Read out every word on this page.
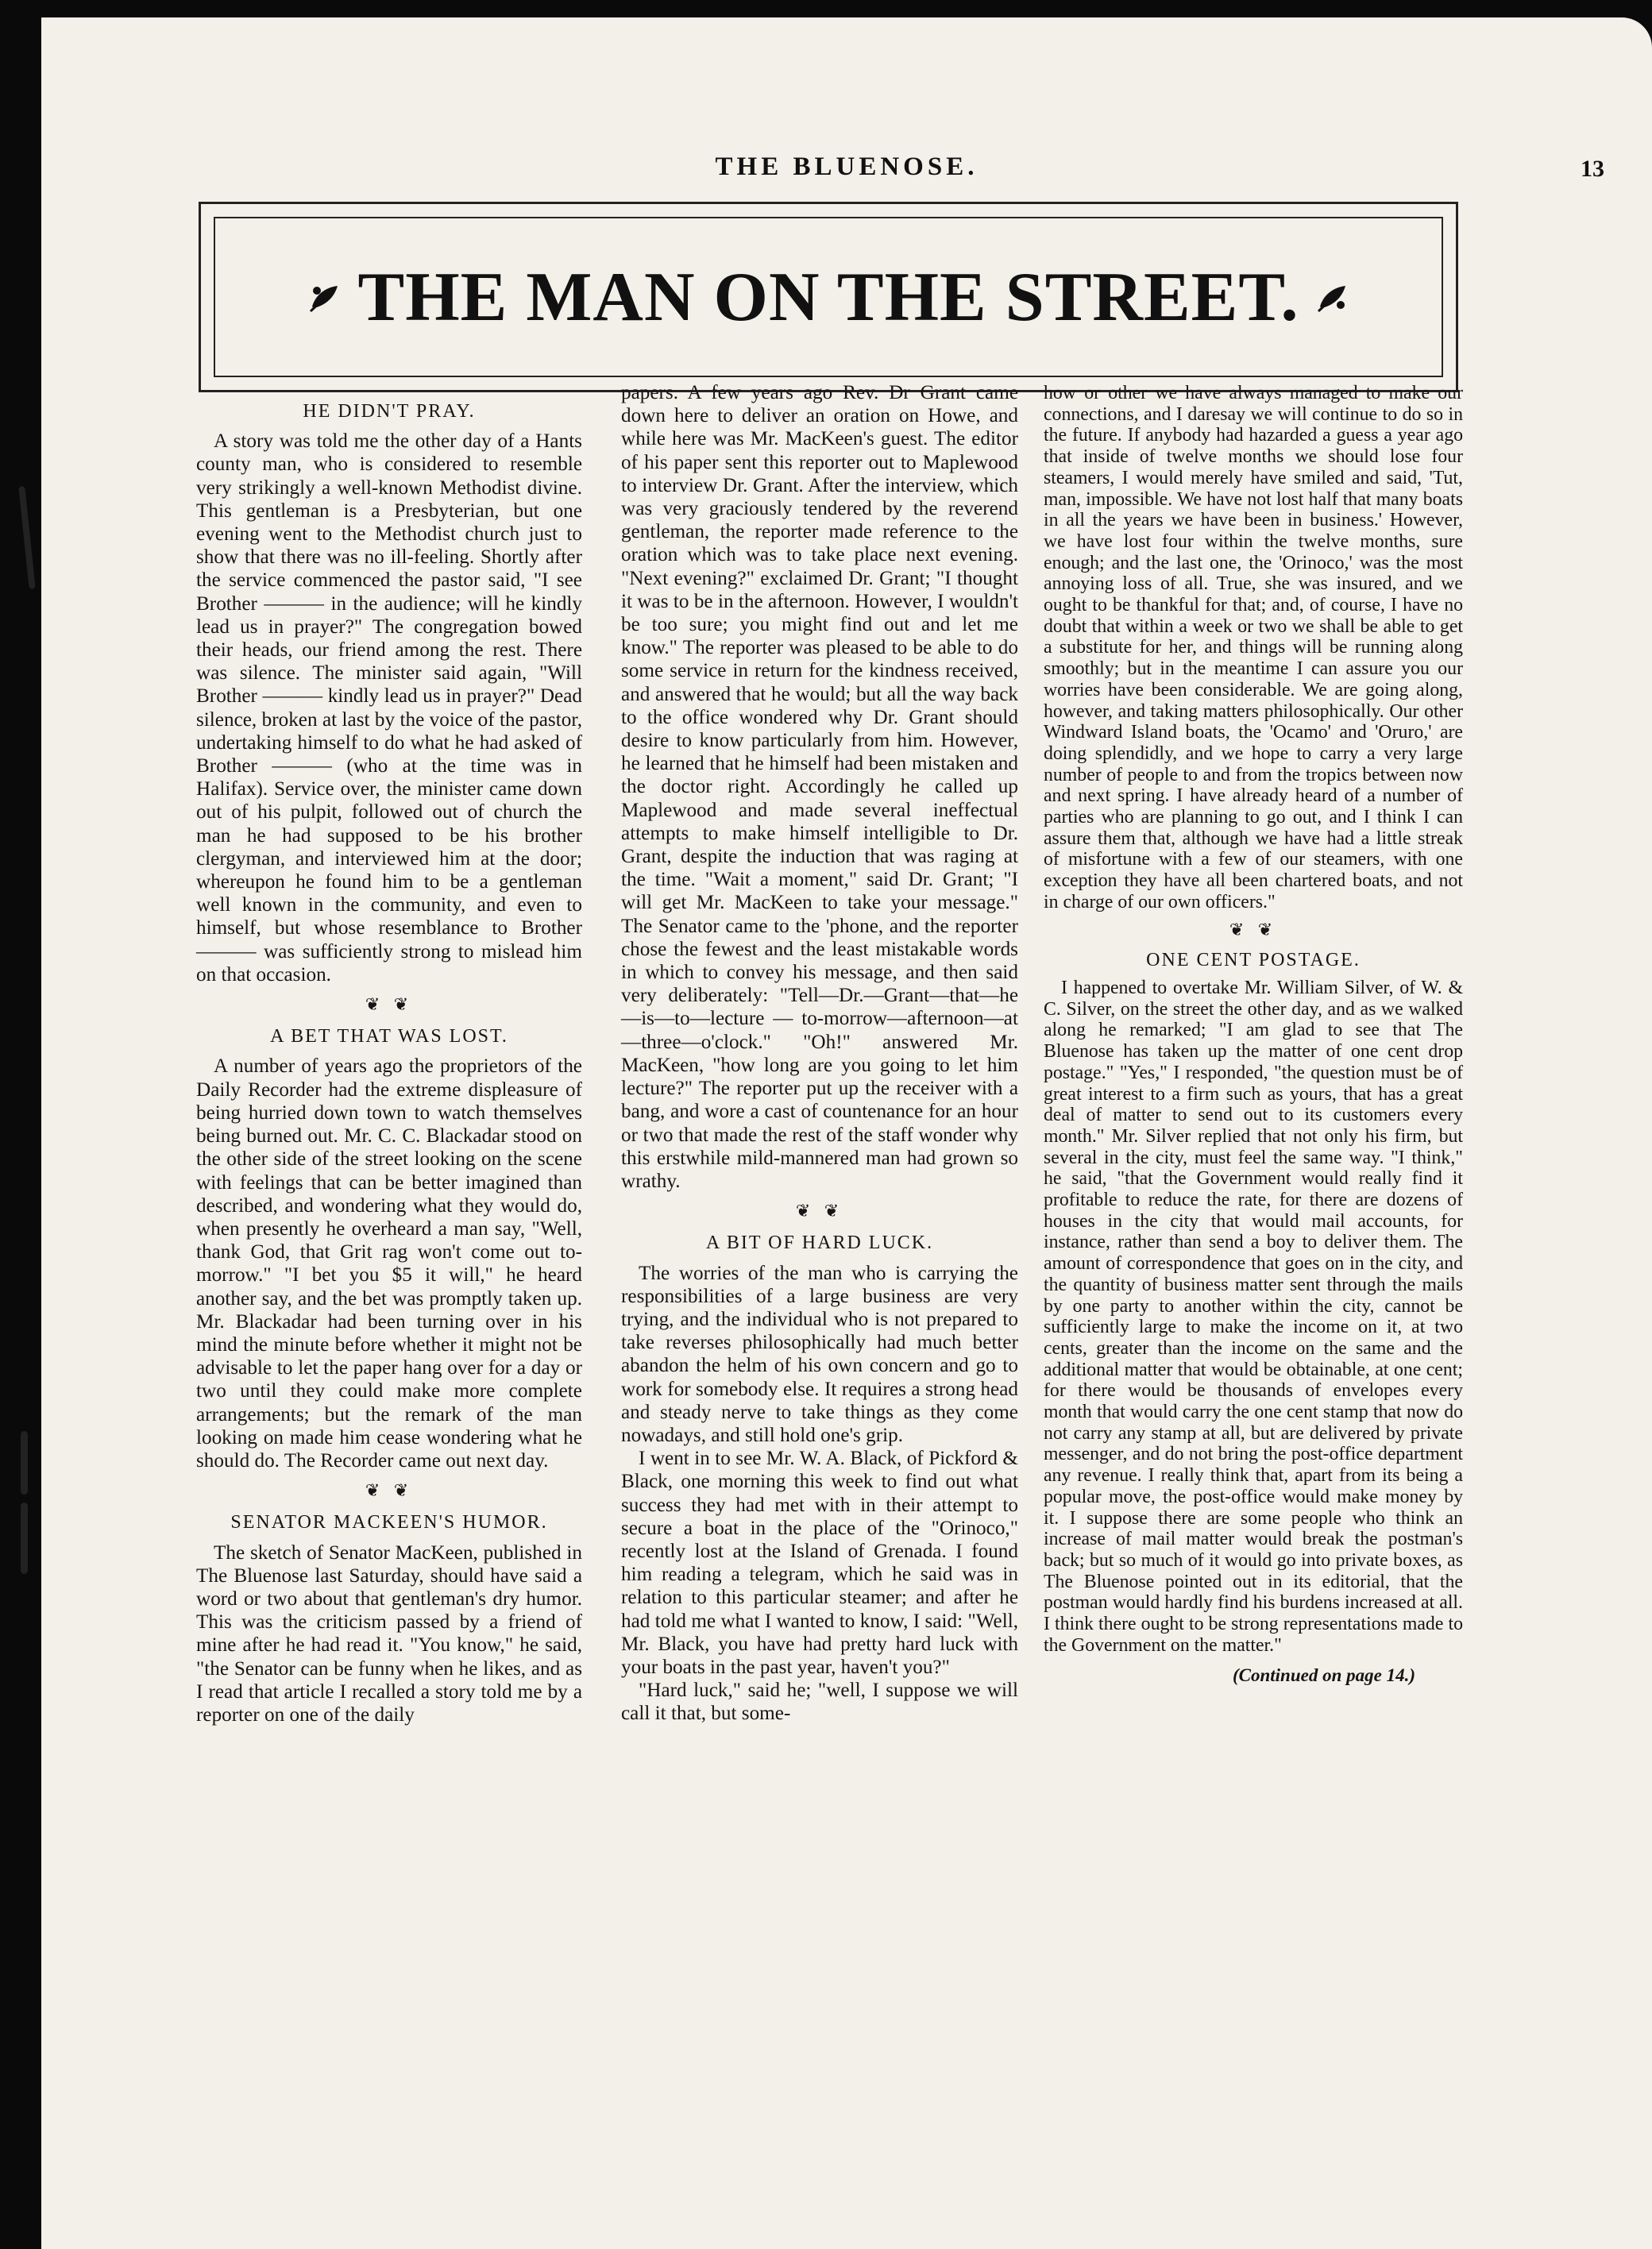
THE BLUENOSE.	13
THE MAN ON THE STREET.
HE DIDN'T PRAY.

A story was told me the other day of a Hants county man, who is considered to resemble very strikingly a well-known Methodist divine. This gentleman is a Presbyterian, but one evening went to the Methodist church just to show that there was no ill-feeling. Shortly after the service commenced the pastor said, "I see Brother ——— in the audience; will he kindly lead us in prayer?" The congregation bowed their heads, our friend among the rest. There was silence. The minister said again, "Will Brother ——— kindly lead us in prayer?" Dead silence, broken at last by the voice of the pastor, undertaking himself to do what he had asked of Brother ——— (who at the time was in Halifax). Service over, the minister came down out of his pulpit, followed out of church the man he had supposed to be his brother clergyman, and interviewed him at the door; whereupon he found him to be a gentleman well known in the community, and even to himself, but whose resemblance to Brother ——— was sufficiently strong to mislead him on that occasion.

❦ ❦
A BET THAT WAS LOST.

A number of years ago the proprietors of the Daily Recorder had the extreme displeasure of being hurried down town to watch themselves being burned out. Mr. C. C. Blackadar stood on the other side of the street looking on the scene with feelings that can be better imagined than described, and wondering what they would do, when presently he overheard a man say, "Well, thank God, that Grit rag won't come out to-morrow." "I bet you $5 it will," he heard another say, and the bet was promptly taken up. Mr. Blackadar had been turning over in his mind the minute before whether it might not be advisable to let the paper hang over for a day or two until they could make more complete arrangements; but the remark of the man looking on made him cease wondering what he should do. The Recorder came out next day.

❦ ❦
SENATOR MACKEEN'S HUMOR.

The sketch of Senator MacKeen, published in The Bluenose last Saturday, should have said a word or two about that gentleman's dry humor. This was the criticism passed by a friend of mine after he had read it. "You know," he said, "the Senator can be funny when he likes, and as I read that article I recalled a story told me by a reporter on one of the daily

papers. A few years ago Rev. Dr Grant came down here to deliver an oration on Howe, and while here was Mr. MacKeen's guest. The editor of his paper sent this reporter out to Maplewood to interview Dr. Grant. After the interview, which was very graciously tendered by the reverend gentleman, the reporter made reference to the oration which was to take place next evening. "Next evening?" exclaimed Dr. Grant; "I thought it was to be in the afternoon. However, I wouldn't be too sure; you might find out and let me know." The reporter was pleased to be able to do some service in return for the kindness received, and answered that he would; but all the way back to the office wondered why Dr. Grant should desire to know particularly from him. However, he learned that he himself had been mistaken and the doctor right. Accordingly he called up Maplewood and made several ineffectual attempts to make himself intelligible to Dr. Grant, despite the induction that was raging at the time. "Wait a moment," said Dr. Grant; "I will get Mr. MacKeen to take your message." The Senator came to the 'phone, and the reporter chose the fewest and the least mistakable words in which to convey his message, and then said very deliberately: "Tell—Dr.—Grant—that—he—is—to—lecture — to-morrow—afternoon—at—three—o'clock." "Oh!" answered Mr. MacKeen, "how long are you going to let him lecture?" The reporter put up the receiver with a bang, and wore a cast of countenance for an hour or two that made the rest of the staff wonder why this erstwhile mild-mannered man had grown so wrathy.

❦ ❦
A BIT OF HARD LUCK.

The worries of the man who is carrying the responsibilities of a large business are very trying, and the individual who is not prepared to take reverses philosophically had much better abandon the helm of his own concern and go to work for somebody else. It requires a strong head and steady nerve to take things as they come nowadays, and still hold one's grip.

I went in to see Mr. W. A. Black, of Pickford & Black, one morning this week to find out what success they had met with in their attempt to secure a boat in the place of the "Orinoco," recently lost at the Island of Grenada. I found him reading a telegram, which he said was in relation to this particular steamer; and after he had told me what I wanted to know, I said: "Well, Mr. Black, you have had pretty hard luck with your boats in the past year, haven't you?"

"Hard luck," said he; "well, I suppose we will call it that, but some-

how or other we have always managed to make our connections, and I daresay we will continue to do so in the future. If anybody had hazarded a guess a year ago that inside of twelve months we should lose four steamers, I would merely have smiled and said, 'Tut, man, impossible. We have not lost half that many boats in all the years we have been in business.' However, we have lost four within the twelve months, sure enough; and the last one, the 'Orinoco,' was the most annoying loss of all. True, she was insured, and we ought to be thankful for that; and, of course, I have no doubt that within a week or two we shall be able to get a substitute for her, and things will be running along smoothly; but in the meantime I can assure you our worries have been considerable. We are going along, however, and taking matters philosophically. Our other Windward Island boats, the 'Ocamo' and 'Oruro,' are doing splendidly, and we hope to carry a very large number of people to and from the tropics between now and next spring. I have already heard of a number of parties who are planning to go out, and I think I can assure them that, although we have had a little streak of misfortune with a few of our steamers, with one exception they have all been chartered boats, and not in charge of our own officers."

❦ ❦
ONE CENT POSTAGE.

I happened to overtake Mr. William Silver, of W. & C. Silver, on the street the other day, and as we walked along he remarked; "I am glad to see that The Bluenose has taken up the matter of one cent drop postage." "Yes," I responded, "the question must be of great interest to a firm such as yours, that has a great deal of matter to send out to its customers every month." Mr. Silver replied that not only his firm, but several in the city, must feel the same way. "I think," he said, "that the Government would really find it profitable to reduce the rate, for there are dozens of houses in the city that would mail accounts, for instance, rather than send a boy to deliver them. The amount of correspondence that goes on in the city, and the quantity of business matter sent through the mails by one party to another within the city, cannot be sufficiently large to make the income on it, at two cents, greater than the income on the same and the additional matter that would be obtainable, at one cent; for there would be thousands of envelopes every month that would carry the one cent stamp that now do not carry any stamp at all, but are delivered by private messenger, and do not bring the post-office department any revenue. I really think that, apart from its being a popular move, the post-office would make money by it. I suppose there are some people who think an increase of mail matter would break the postman's back; but so much of it would go into private boxes, as The Bluenose pointed out in its editorial, that the postman would hardly find his burdens increased at all. I think there ought to be strong representations made to the Government on the matter."

(Continued on page 14.)
